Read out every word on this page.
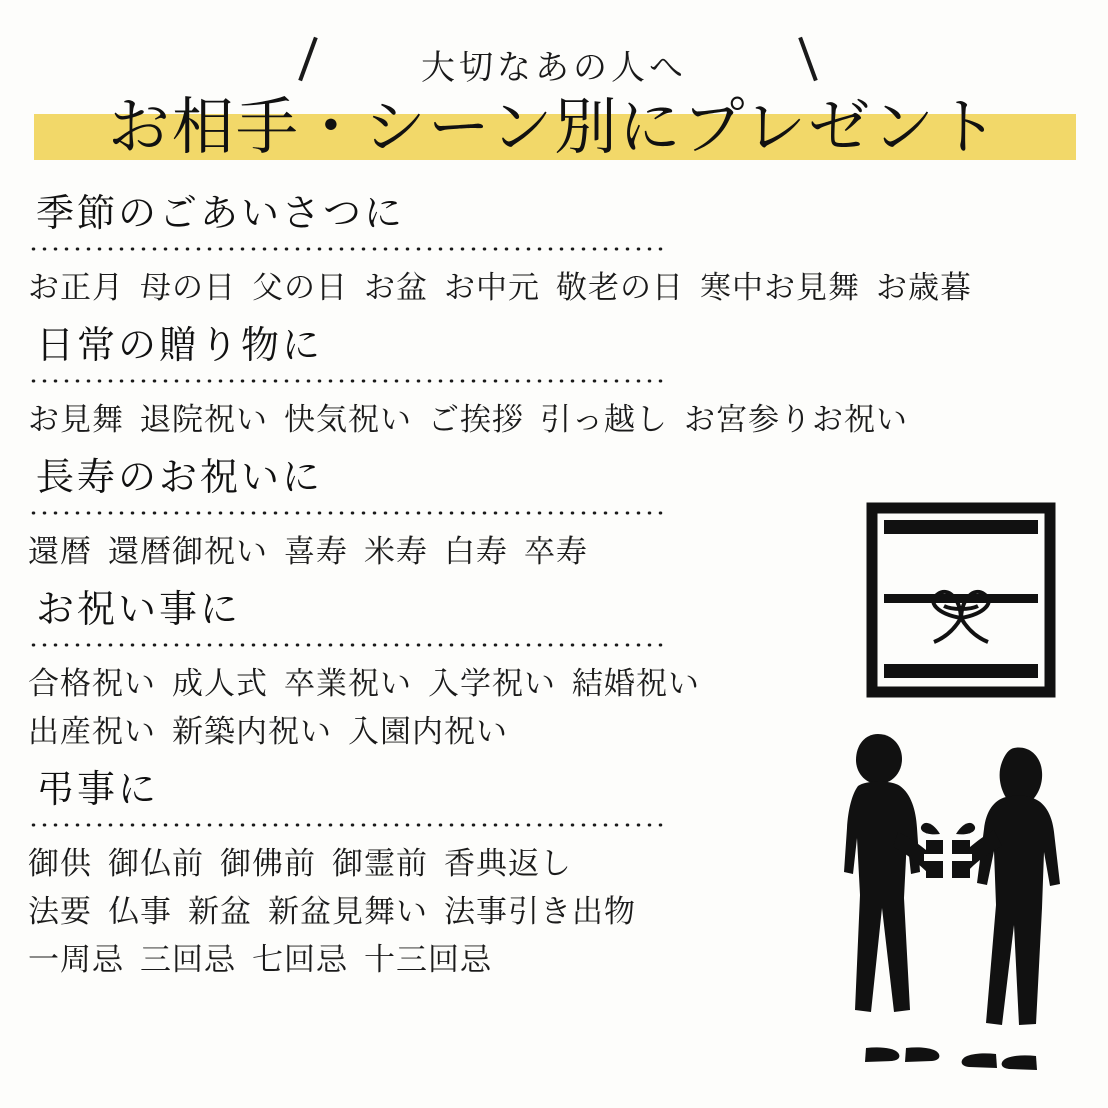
大切なあの人へ
お相手・シーン別にプレゼント
季節のごあいさつに
お正月 母の日 父の日 お盆 お中元 敬老の日 寒中お見舞 お歳暮
日常の贈り物に
お見舞 退院祝い 快気祝い ご挨拶 引っ越し お宮参りお祝い
長寿のお祝いに
還暦 還暦御祝い 喜寿 米寿 白寿 卒寿
お祝い事に
合格祝い 成人式 卒業祝い 入学祝い 結婚祝い
出産祝い 新築内祝い 入園内祝い
弔事に
御供 御仏前 御佛前 御霊前 香典返し
法要 仏事 新盆 新盆見舞い 法事引き出物
一周忌 三回忌 七回忌 十三回忌
